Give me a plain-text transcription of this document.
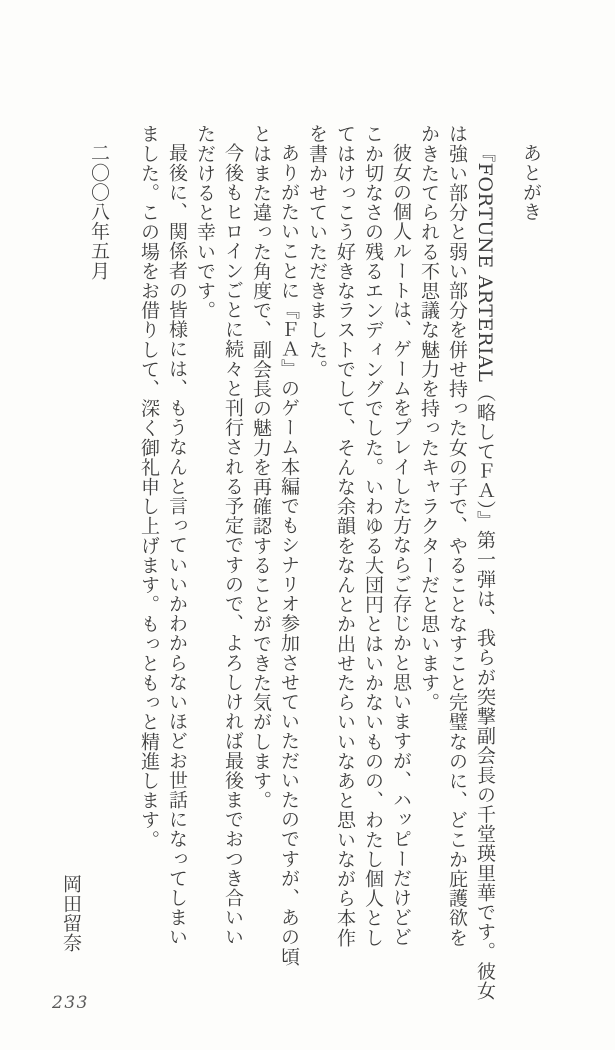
あとがき

『FORTUNE ARTERIAL（略してＦＡ）』第一弾は、我らが突撃副会長の千堂瑛里華です。彼女

は強い部分と弱い部分を併せ持った女の子で、やることなすこと完璧なのに、どこか庇護欲を

かきたてられる不思議な魅力を持ったキャラクターだと思います。

彼女の個人ルートは、ゲームをプレイした方ならご存じかと思いますが、ハッピーだけどど

こか切なさの残るエンディングでした。いわゆる大団円とはいかないものの、わたし個人とし

てはけっこう好きなラストでして、そんな余韻をなんとか出せたらいいなあと思いながら本作

を書かせていただきました。

ありがたいことに『ＦＡ』のゲーム本編でもシナリオ参加させていただいたのですが、あの頃

とはまた違った角度で、副会長の魅力を再確認することができた気がします。

今後もヒロインごとに続々と刊行される予定ですので、よろしければ最後までおつき合いい

ただけると幸いです。

最後に、関係者の皆様には、もうなんと言っていいかわからないほどお世話になってしまい

ました。この場をお借りして、深く御礼申し上げます。もっともっと精進します。

二〇〇八年五月

岡田留奈

233
